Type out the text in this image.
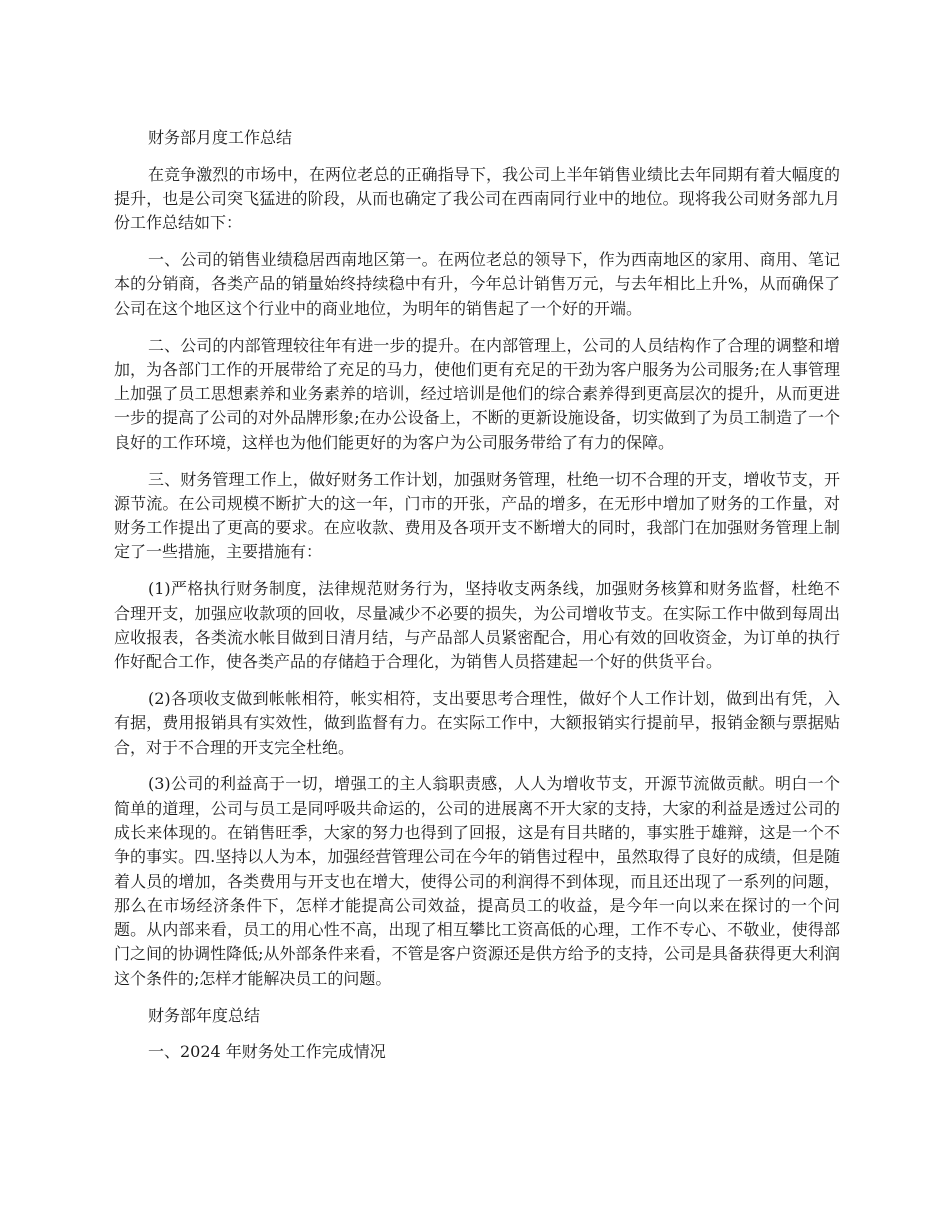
财务部月度工作总结

在竞争激烈的市场中，在两位老总的正确指导下，我公司上半年销售业绩比去年同期有着大幅度的提升，也是公司突飞猛进的阶段，从而也确定了我公司在西南同行业中的地位。现将我公司财务部九月份工作总结如下：

一、公司的销售业绩稳居西南地区第一。在两位老总的领导下，作为西南地区的家用、商用、笔记本的分销商，各类产品的销量始终持续稳中有升，今年总计销售万元，与去年相比上升%，从而确保了公司在这个地区这个行业中的商业地位，为明年的销售起了一个好的开端。

二、公司的内部管理较往年有进一步的提升。在内部管理上，公司的人员结构作了合理的调整和增加，为各部门工作的开展带给了充足的马力，使他们更有充足的干劲为客户服务为公司服务;在人事管理上加强了员工思想素养和业务素养的培训，经过培训是他们的综合素养得到更高层次的提升，从而更进一步的提高了公司的对外品牌形象;在办公设备上，不断的更新设施设备，切实做到了为员工制造了一个良好的工作环境，这样也为他们能更好的为客户为公司服务带给了有力的保障。

三、财务管理工作上，做好财务工作计划，加强财务管理，杜绝一切不合理的开支，增收节支，开源节流。在公司规模不断扩大的这一年，门市的开张，产品的增多，在无形中增加了财务的工作量，对财务工作提出了更高的要求。在应收款、费用及各项开支不断增大的同时，我部门在加强财务管理上制定了一些措施，主要措施有：

(1)严格执行财务制度，法律规范财务行为，坚持收支两条线，加强财务核算和财务监督，杜绝不合理开支，加强应收款项的回收，尽量减少不必要的损失，为公司增收节支。在实际工作中做到每周出应收报表，各类流水帐目做到日清月结，与产品部人员紧密配合，用心有效的回收资金，为订单的执行作好配合工作，使各类产品的存储趋于合理化，为销售人员搭建起一个好的供货平台。

(2)各项收支做到帐帐相符，帐实相符，支出要思考合理性，做好个人工作计划，做到出有凭，入有据，费用报销具有实效性，做到监督有力。在实际工作中，大额报销实行提前早，报销金额与票据贴合，对于不合理的开支完全杜绝。

(3)公司的利益高于一切，增强工的主人翁职责感，人人为增收节支，开源节流做贡献。明白一个简单的道理，公司与员工是同呼吸共命运的，公司的进展离不开大家的支持，大家的利益是透过公司的成长来体现的。在销售旺季，大家的努力也得到了回报，这是有目共睹的，事实胜于雄辩，这是一个不争的事实。四.坚持以人为本，加强经营管理公司在今年的销售过程中，虽然取得了良好的成绩，但是随着人员的增加，各类费用与开支也在增大，使得公司的利润得不到体现，而且还出现了一系列的问题，那么在市场经济条件下，怎样才能提高公司效益，提高员工的收益，是今年一向以来在探讨的一个问题。从内部来看，员工的用心性不高，出现了相互攀比工资高低的心理，工作不专心、不敬业，使得部门之间的协调性降低;从外部条件来看，不管是客户资源还是供方给予的支持，公司是具备获得更大利润这个条件的;怎样才能解决员工的问题。

财务部年度总结

一、2024 年财务处工作完成情况
